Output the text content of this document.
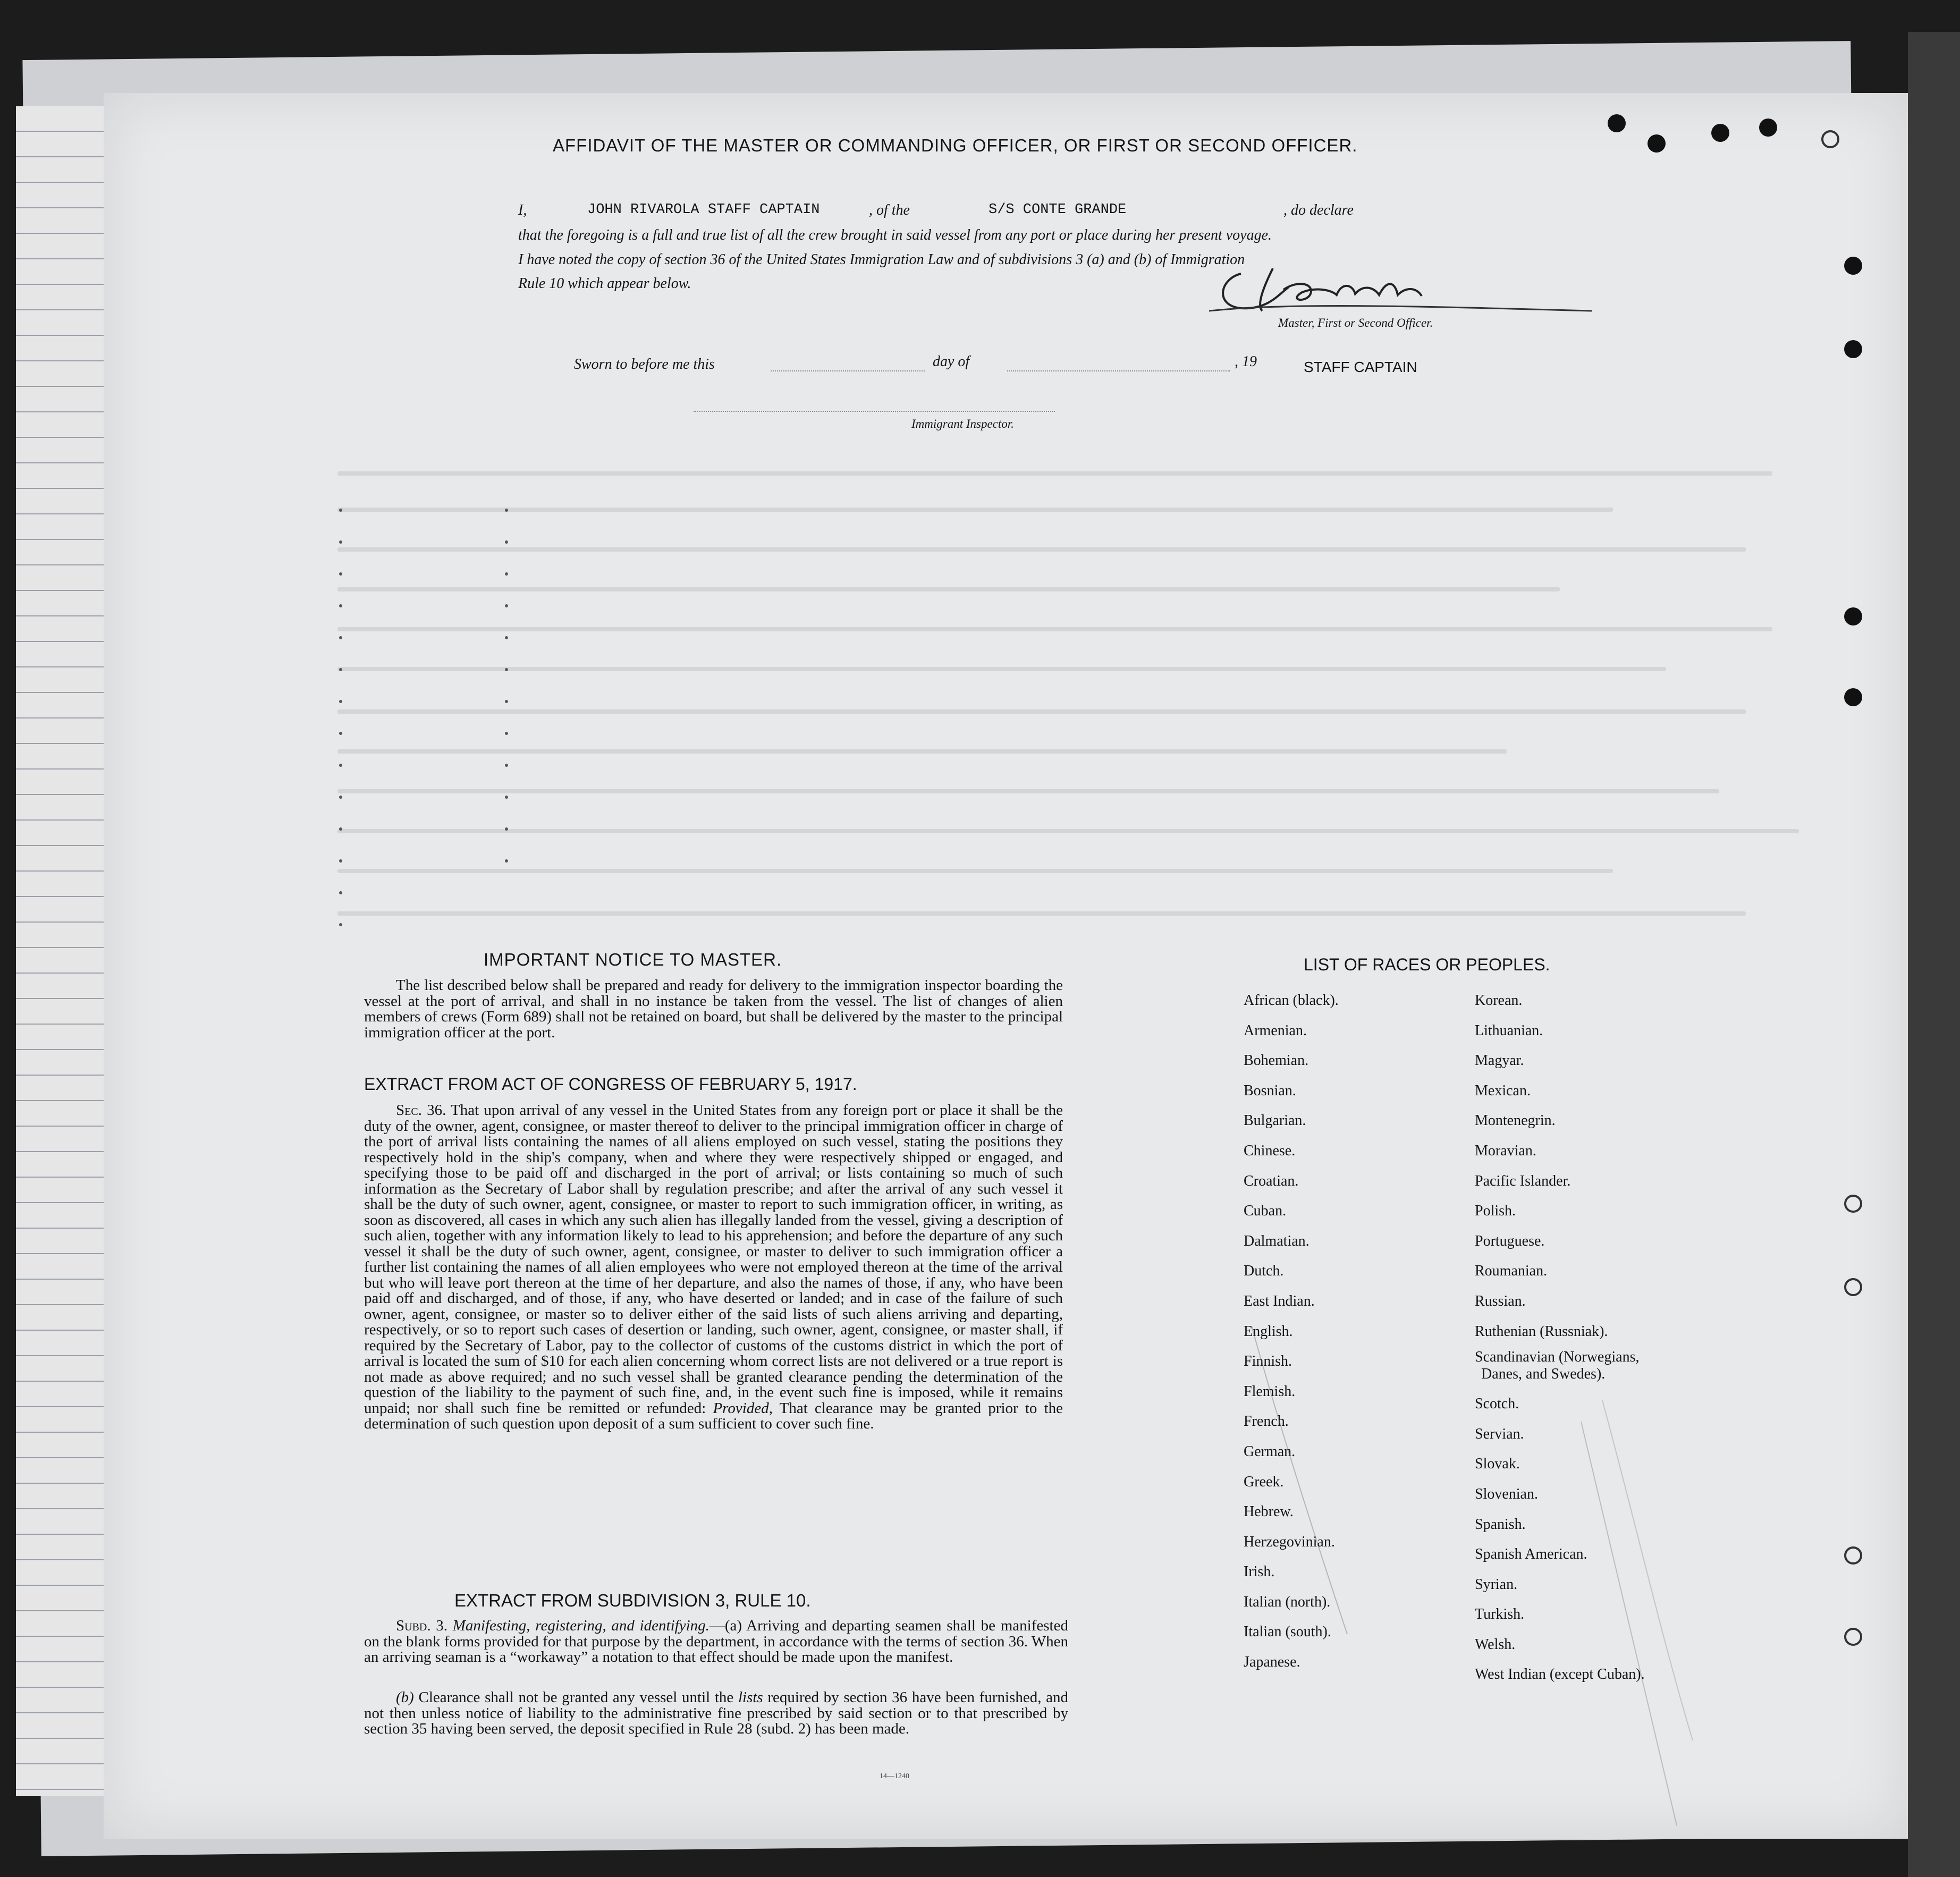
AFFIDAVIT OF THE MASTER OR COMMANDING OFFICER, OR FIRST OR SECOND OFFICER.
I,	JOHN RIVAROLA STAFF CAPTAIN	, of the	S/S CONTE GRANDE	, do declare
that the foregoing is a full and true list of all the crew brought in said vessel from any port or place during her present voyage.
I have noted the copy of section 36 of the United States Immigration Law and of subdivisions 3 (a) and (b) of Immigration
Rule 10 which appear below.
Master, First or Second Officer.
Sworn to before me this	day of	, 19	STAFF CAPTAIN
Immigrant Inspector.
IMPORTANT NOTICE TO MASTER.
The list described below shall be prepared and ready for delivery to the immigration inspector boarding the vessel at the port of arrival, and shall in no instance be taken from the vessel. The list of changes of alien members of crews (Form 689) shall not be retained on board, but shall be delivered by the master to the principal immigration officer at the port.
EXTRACT FROM ACT OF CONGRESS OF FEBRUARY 5, 1917.
Sec. 36. That upon arrival of any vessel in the United States from any foreign port or place it shall be the duty of the owner, agent, consignee, or master thereof to deliver to the principal immigration officer in charge of the port of arrival lists containing the names of all aliens employed on such vessel, stating the positions they respectively hold in the ship's company, when and where they were respectively shipped or engaged, and specifying those to be paid off and discharged in the port of arrival; or lists containing so much of such information as the Secretary of Labor shall by regulation prescribe; and after the arrival of any such vessel it shall be the duty of such owner, agent, consignee, or master to report to such immigration officer, in writing, as soon as discovered, all cases in which any such alien has illegally landed from the vessel, giving a description of such alien, together with any information likely to lead to his apprehension; and before the departure of any such vessel it shall be the duty of such owner, agent, consignee, or master to deliver to such immigration officer a further list containing the names of all alien employees who were not employed thereon at the time of the arrival but who will leave port thereon at the time of her departure, and also the names of those, if any, who have been paid off and discharged, and of those, if any, who have deserted or landed; and in case of the failure of such owner, agent, consignee, or master so to deliver either of the said lists of such aliens arriving and departing, respectively, or so to report such cases of desertion or landing, such owner, agent, consignee, or master shall, if required by the Secretary of Labor, pay to the collector of customs of the customs district in which the port of arrival is located the sum of $10 for each alien concerning whom correct lists are not delivered or a true report is not made as above required; and no such vessel shall be granted clearance pending the determination of the question of the liability to the payment of such fine, and, in the event such fine is imposed, while it remains unpaid; nor shall such fine be remitted or refunded: Provided, That clearance may be granted prior to the determination of such question upon deposit of a sum sufficient to cover such fine.
EXTRACT FROM SUBDIVISION 3, RULE 10.
Subd. 3. Manifesting, registering, and identifying.—(a) Arriving and departing seamen shall be manifested on the blank forms provided for that purpose by the department, in accordance with the terms of section 36. When an arriving seaman is a “workaway” a notation to that effect should be made upon the manifest.
(b) Clearance shall not be granted any vessel until the lists required by section 36 have been furnished, and not then unless notice of liability to the administrative fine prescribed by said section or to that prescribed by section 35 having been served, the deposit specified in Rule 28 (subd. 2) has been made.
14—1240
LIST OF RACES OR PEOPLES.
African (black).
Armenian.
Bohemian.
Bosnian.
Bulgarian.
Chinese.
Croatian.
Cuban.
Dalmatian.
Dutch.
East Indian.
English.
Finnish.
Flemish.
French.
German.
Greek.
Hebrew.
Herzegovinian.
Irish.
Italian (north).
Italian (south).
Japanese.
Korean.
Lithuanian.
Magyar.
Mexican.
Montenegrin.
Moravian.
Pacific Islander.
Polish.
Portuguese.
Roumanian.
Russian.
Ruthenian (Russniak).
Scandinavian (Norwegians,
Danes, and Swedes).
Scotch.
Servian.
Slovak.
Slovenian.
Spanish.
Spanish American.
Syrian.
Turkish.
Welsh.
West Indian (except Cuban).
